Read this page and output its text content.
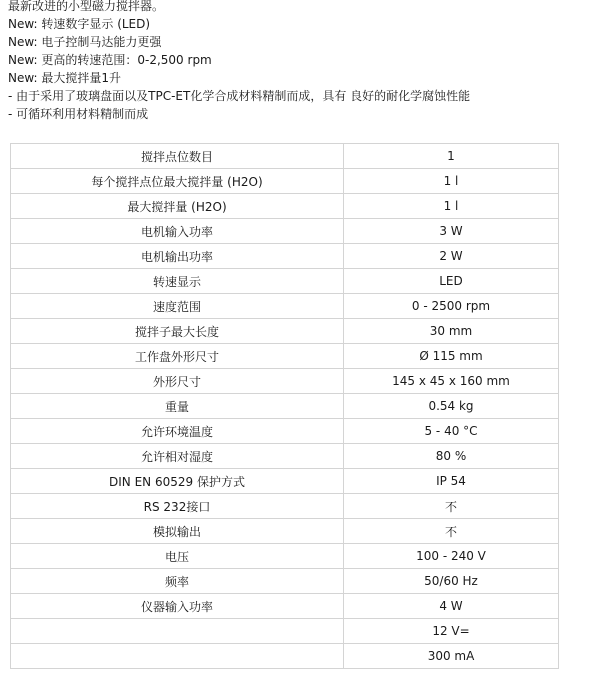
最新改进的小型磁力搅拌器。
New: 转速数字显示 (LED)
New: 电子控制马达能力更强
New: 更高的转速范围：0-2,500 rpm
New: 最大搅拌量1升
- 由于采用了玻璃盘面以及TPC-ET化学合成材料精制而成，具有 良好的耐化学腐蚀性能
- 可循环利用材料精制而成
搅拌点位数目	1
每个搅拌点位最大搅拌量 (H2O)	1 l
最大搅拌量 (H2O)	1 l
电机输入功率	3 W
电机输出功率	2 W
转速显示	LED
速度范围	0 - 2500 rpm
搅拌子最大长度	30 mm
工作盘外形尺寸	Ø 115 mm
外形尺寸	145 x 45 x 160 mm
重量	0.54 kg
允许环境温度	5 - 40 °C
允许相对湿度	80 %
DIN EN 60529 保护方式	IP 54
RS 232接口	不
模拟输出	不
电压	100 - 240 V
频率	50/60 Hz
仪器输入功率	4 W
	12 V=
	300 mA
